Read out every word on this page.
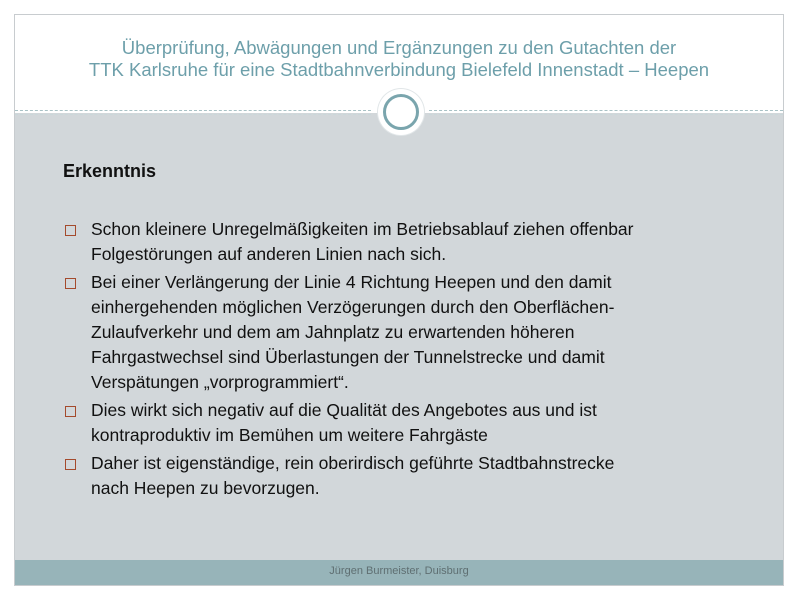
Überprüfung, Abwägungen und Ergänzungen zu den Gutachten der
TTK Karlsruhe für eine Stadtbahnverbindung Bielefeld Innenstadt – Heepen
Erkenntnis
Schon kleinere Unregelmäßigkeiten im Betriebsablauf ziehen offenbar
Folgestörungen auf anderen Linien nach sich.
Bei einer Verlängerung der Linie 4 Richtung Heepen und den damit
einhergehenden möglichen Verzögerungen durch den Oberflächen-
Zulaufverkehr und dem am Jahnplatz zu erwartenden höheren
Fahrgastwechsel sind Überlastungen der Tunnelstrecke und damit
Verspätungen „vorprogrammiert“.
Dies wirkt sich negativ auf die Qualität des Angebotes aus und ist
kontraproduktiv im Bemühen um weitere Fahrgäste
Daher ist eigenständige, rein oberirdisch geführte Stadtbahnstrecke
nach Heepen zu bevorzugen.
Jürgen Burmeister, Duisburg
